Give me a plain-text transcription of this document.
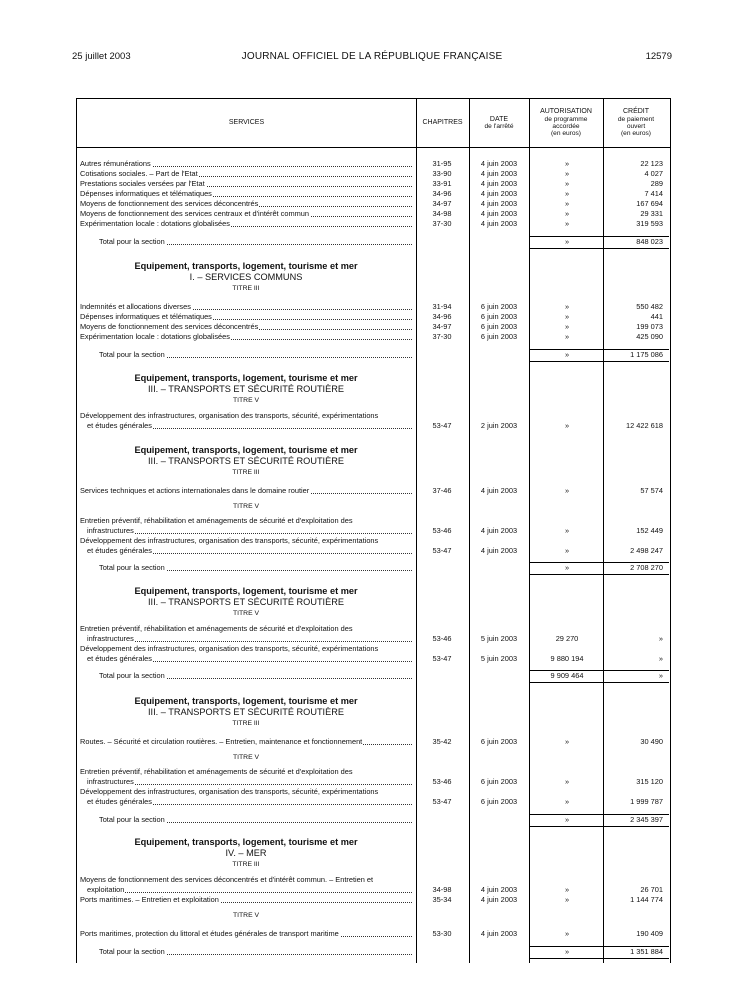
25 juillet 2003	JOURNAL OFFICIEL DE LA RÉPUBLIQUE FRANÇAISE	12579
SERVICES	CHAPITRES
DATE
de l'arrêté
AUTORISATION
de programme
accordée
(en euros)
CRÉDIT
de paiement
ouvert
(en euros)
Autres rémunérations	31-95	4 juin 2003	»	22 123
Cotisations sociales. – Part de l'Etat	33-90	4 juin 2003	»	4 027
Prestations sociales versées par l'Etat	33-91	4 juin 2003	»	289
Dépenses informatiques et télématiques	34-96	4 juin 2003	»	7 414
Moyens de fonctionnement des services déconcentrés	34-97	4 juin 2003	»	167 694
Moyens de fonctionnement des services centraux et d'intérêt commun	34-98	4 juin 2003	»	29 331
Expérimentation locale : dotations globalisées	37-30	4 juin 2003	»	319 593
Total pour la section	»	848 023
Equipement, transports, logement, tourisme et mer
I. – SERVICES COMMUNS
TITRE III
Indemnités et allocations diverses	31-94	6 juin 2003	»	550 482
Dépenses informatiques et télématiques	34-96	6 juin 2003	»	441
Moyens de fonctionnement des services déconcentrés	34-97	6 juin 2003	»	199 073
Expérimentation locale : dotations globalisées	37-30	6 juin 2003	»	425 090
Total pour la section	»	1 175 086
Equipement, transports, logement, tourisme et mer
III. – TRANSPORTS ET SÉCURITÉ ROUTIÈRE
TITRE V
Développement des infrastructures, organisation des transports, sécurité, expérimentations
et études générales	53-47	2 juin 2003	»	12 422 618
Equipement, transports, logement, tourisme et mer
III. – TRANSPORTS ET SÉCURITÉ ROUTIÈRE
TITRE III
Services techniques et actions internationales dans le domaine routier	37-46	4 juin 2003	»	57 574
TITRE V
Entretien préventif, réhabilitation et aménagements de sécurité et d'exploitation des
infrastructures	53-46	4 juin 2003	»	152 449
Développement des infrastructures, organisation des transports, sécurité, expérimentations
et études générales	53-47	4 juin 2003	»	2 498 247
Total pour la section	»	2 708 270
Equipement, transports, logement, tourisme et mer
III. – TRANSPORTS ET SÉCURITÉ ROUTIÈRE
TITRE V
Entretien préventif, réhabilitation et aménagements de sécurité et d'exploitation des
infrastructures	53-46	5 juin 2003	29 270	»
Développement des infrastructures, organisation des transports, sécurité, expérimentations
et études générales	53-47	5 juin 2003	9 880 194	»
Total pour la section	9 909 464	»
Equipement, transports, logement, tourisme et mer
III. – TRANSPORTS ET SÉCURITÉ ROUTIÈRE
TITRE III
Routes. – Sécurité et circulation routières. – Entretien, maintenance et fonctionnement	35-42	6 juin 2003	»	30 490
TITRE V
Entretien préventif, réhabilitation et aménagements de sécurité et d'exploitation des
infrastructures	53-46	6 juin 2003	»	315 120
Développement des infrastructures, organisation des transports, sécurité, expérimentations
et études générales	53-47	6 juin 2003	»	1 999 787
Total pour la section	»	2 345 397
Equipement, transports, logement, tourisme et mer
IV. – MER
TITRE III
Moyens de fonctionnement des services déconcentrés et d'intérêt commun. – Entretien et
exploitation	34-98	4 juin 2003	»	26 701
Ports maritimes. – Entretien et exploitation	35-34	4 juin 2003	»	1 144 774
TITRE V
Ports maritimes, protection du littoral et études générales de transport maritime	53-30	4 juin 2003	»	190 409
Total pour la section	»	1 351 884
